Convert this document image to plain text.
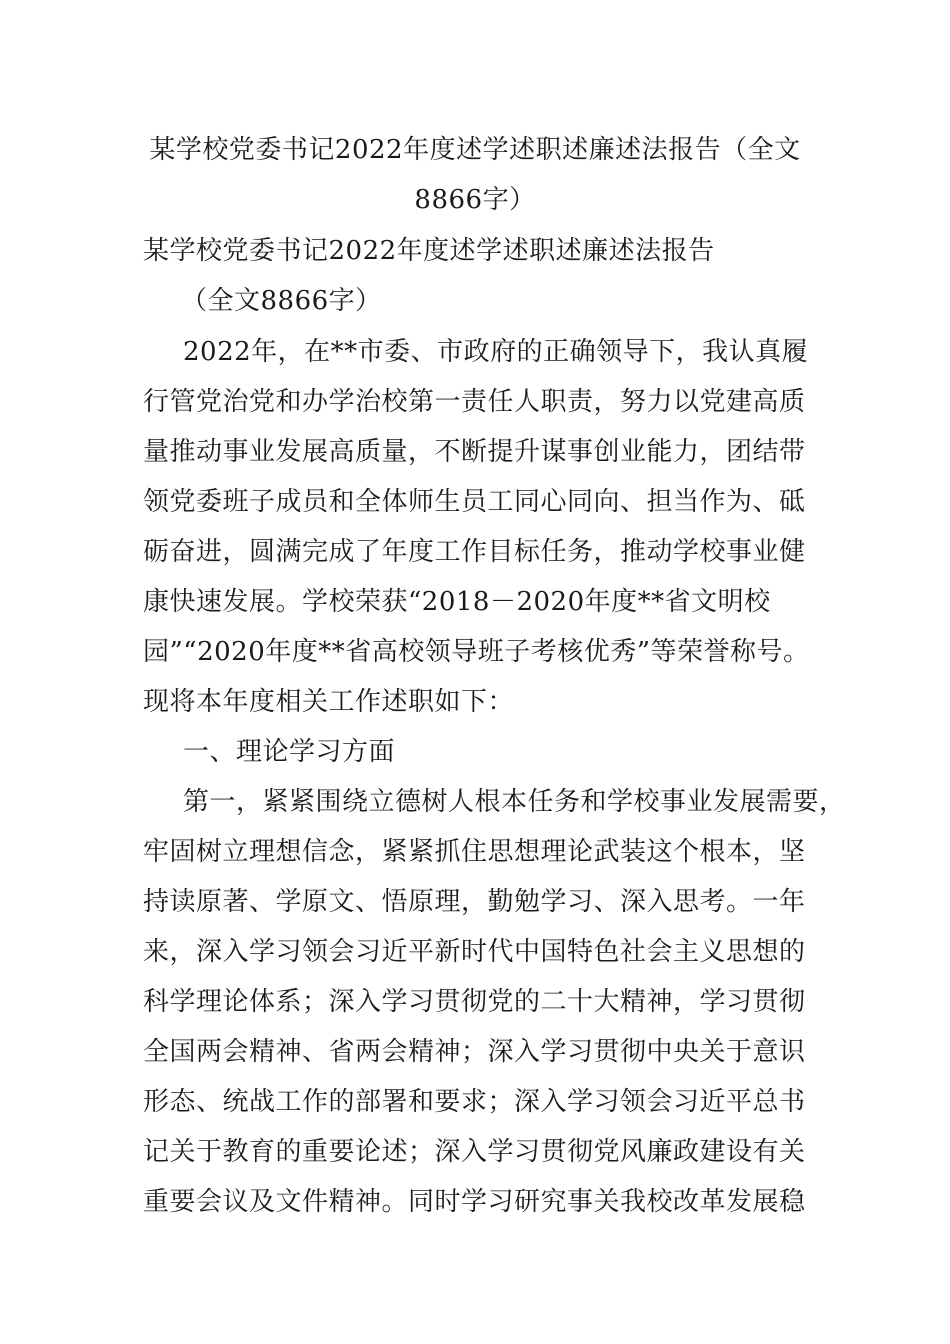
某学校党委书记2022年度述学述职述廉述法报告（全文
8866字）
某学校党委书记2022年度述学述职述廉述法报告
（全文8866字）
2022年，在**市委、市政府的正确领导下，我认真履
行管党治党和办学治校第一责任人职责，努力以党建高质
量推动事业发展高质量，不断提升谋事创业能力，团结带
领党委班子成员和全体师生员工同心同向、担当作为、砥
砺奋进，圆满完成了年度工作目标任务，推动学校事业健
康快速发展。学校荣获“2018－2020年度**省文明校
园”“2020年度**省高校领导班子考核优秀”等荣誉称号。
现将本年度相关工作述职如下：
一、理论学习方面
第一，紧紧围绕立德树人根本任务和学校事业发展需要，
牢固树立理想信念，紧紧抓住思想理论武装这个根本，坚
持读原著、学原文、悟原理，勤勉学习、深入思考。一年
来，深入学习领会习近平新时代中国特色社会主义思想的
科学理论体系；深入学习贯彻党的二十大精神，学习贯彻
全国两会精神、省两会精神；深入学习贯彻中央关于意识
形态、统战工作的部署和要求；深入学习领会习近平总书
记关于教育的重要论述；深入学习贯彻党风廉政建设有关
重要会议及文件精神。同时学习研究事关我校改革发展稳
